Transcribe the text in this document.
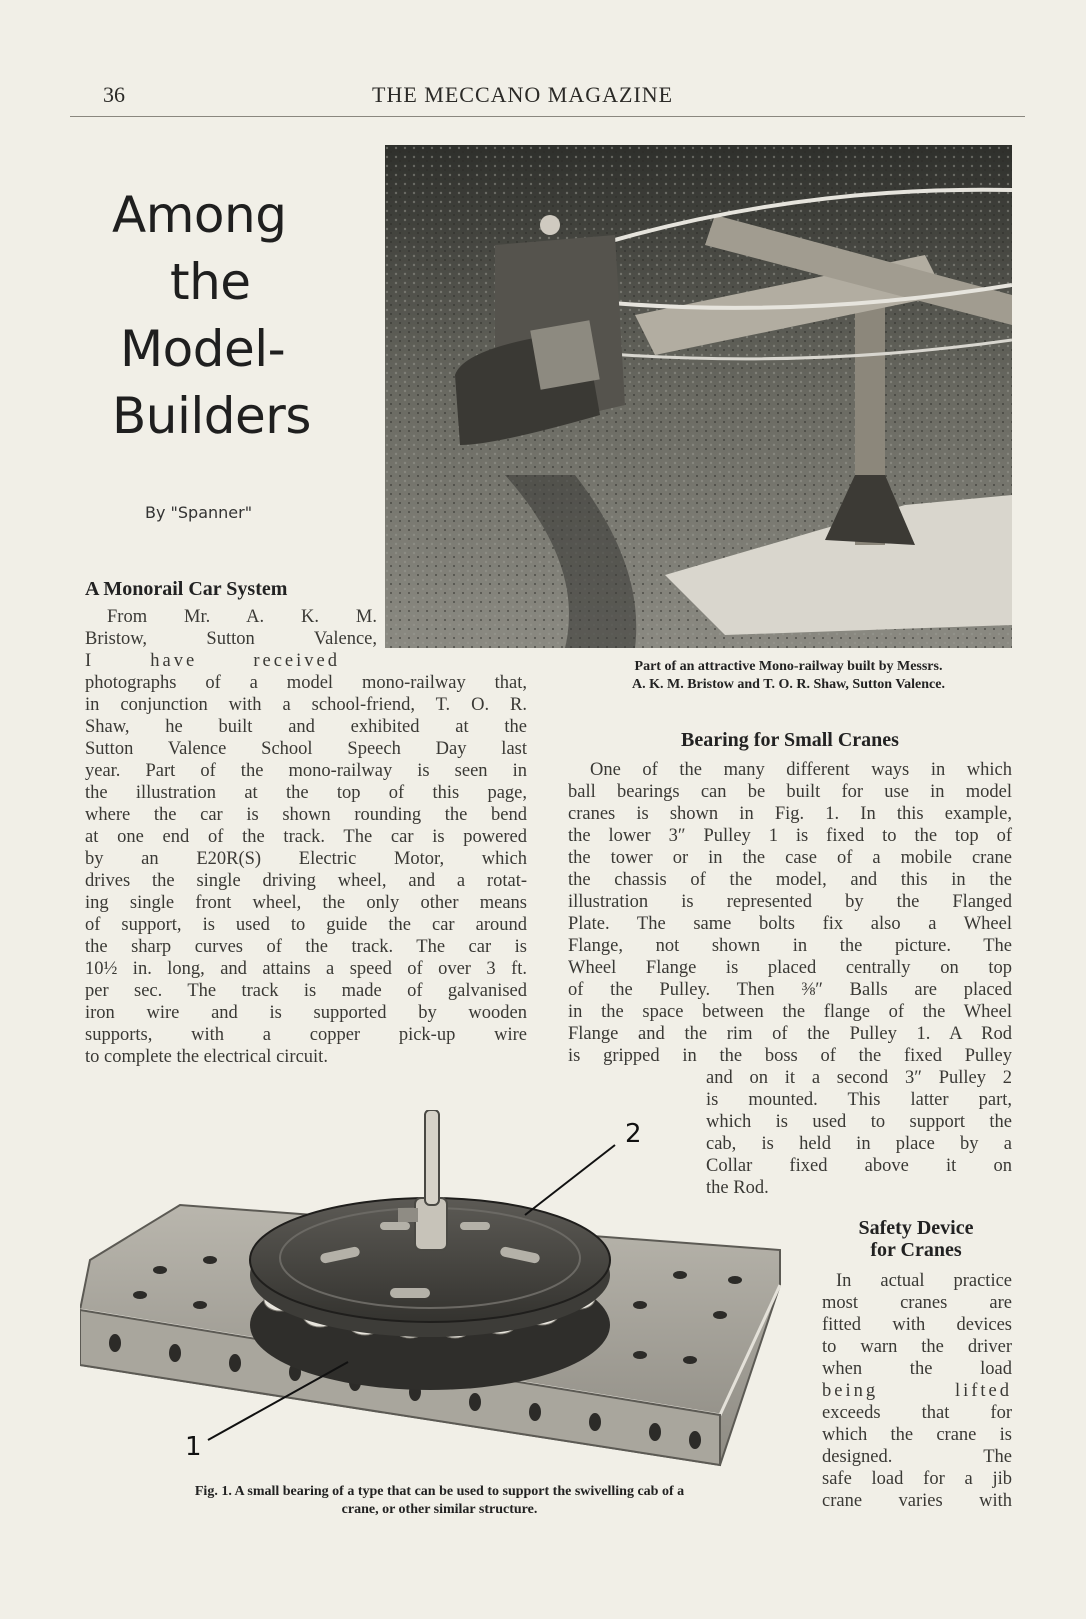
36	THE MECCANO MAGAZINE
Among
the
Model-
Builders
By "Spanner"
Part of an attractive Mono-railway built by Messrs.
A. K. M. Bristow and T. O. R. Shaw, Sutton Valence.
A Monorail Car System
From Mr. A. K. M.
Bristow, Sutton Valence,
I have received
photographs of a model mono-railway that,
in conjunction with a school-friend, T. O. R.
Shaw, he built and exhibited at the
Sutton Valence School Speech Day last
year. Part of the mono-railway is seen in
the illustration at the top of this page,
where the car is shown rounding the bend
at one end of the track. The car is powered
by an E20R(S) Electric Motor, which
drives the single driving wheel, and a rotat-
ing single front wheel, the only other means
of support, is used to guide the car around
the sharp curves of the track. The car is
10½ in. long, and attains a speed of over 3 ft.
per sec. The track is made of galvanised
iron wire and is supported by wooden
supports, with a copper pick-up wire
to complete the electrical circuit.
Bearing for Small Cranes
One of the many different ways in which
ball bearings can be built for use in model
cranes is shown in Fig. 1. In this example,
the lower 3″ Pulley 1 is fixed to the top of
the tower or in the case of a mobile crane
the chassis of the model, and this in the
illustration is represented by the Flanged
Plate. The same bolts fix also a Wheel
Flange, not shown in the picture. The
Wheel Flange is placed centrally on top
of the Pulley. Then ⅜″ Balls are placed
in the space between the flange of the Wheel
Flange and the rim of the Pulley 1. A Rod
is gripped in the boss of the fixed Pulley
and on it a second 3″ Pulley 2
is mounted. This latter part,
which is used to support the
cab, is held in place by a
Collar fixed above it on
the Rod.
Safety Device
for Cranes
In actual practice
most cranes are
fitted with devices
to warn the driver
when the load
being lifted
exceeds that for
which the crane is
designed. The
safe load for a jib
crane varies with
2
1
Fig. 1. A small bearing of a type that can be used to support the swivelling cab of a
crane, or other similar structure.
